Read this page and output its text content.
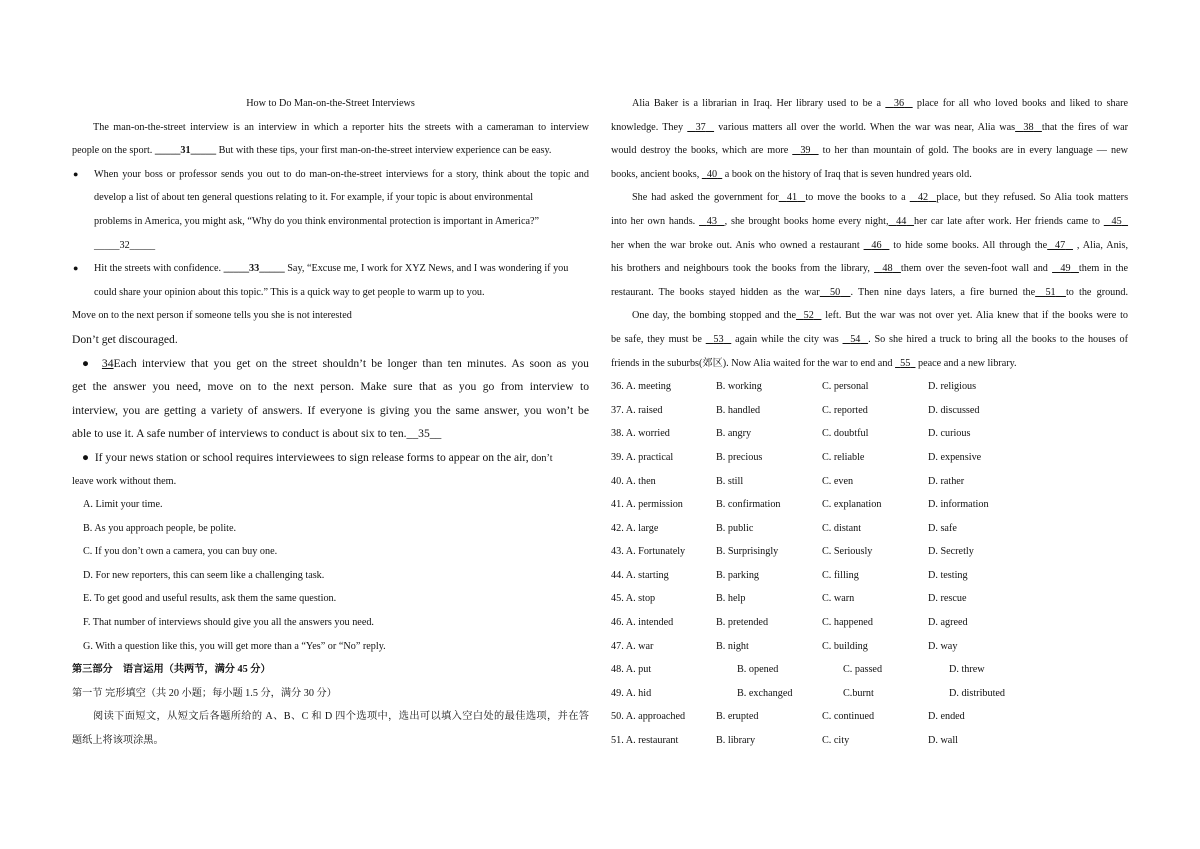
How to Do Man-on-the-Street Interviews
The man-on-the-street interview is an interview in which a reporter hits the streets with a cameraman to interview
people on the sport. _____31_____ But with these tips, your first man-on-the-street interview experience can be easy.
● When your boss or professor sends you out to do man-on-the-street interviews for a story, think about the topic and
develop a list of about ten general questions relating to it. For example, if your topic is about environmental
problems in America, you might ask, “Why do you think environmental protection is important in America?”
_____32_____
● Hit the streets with confidence. _____33_____ Say, “Excuse me, I work for XYZ News, and I was wondering if you
could share your opinion about this topic.” This is a quick way to get people to warm up to you.
Move on to the next person if someone tells you she is not interested
Don’t get discouraged.
●  34Each interview that you get on the street shouldn’t be longer than ten minutes. As soon as you
get the answer you need, move on to the next person. Make sure that as you go from interview to
interview, you are getting a variety of answers. If everyone is giving you the same answer, you won’t be
able to use it. A safe number of interviews to conduct is about six to ten.__35__
●  If your news station or school requires interviewees to sign release forms to appear on the air, don’t
leave work without them.
A. Limit your time.
B. As you approach people, be polite.
C. If you don’t own a camera, you can buy one.
D. For new reporters, this can seem like a challenging task.
E. To get good and useful results, ask them the same question.
F. That number of interviews should give you all the answers you need.
G. With a question like this, you will get more than a “Yes” or “No” reply.
第三部分　语言运用（共两节，满分 45 分）
第一节 完形填空（共 20 小题；每小题 1.5 分，满分 30 分）
阅读下面短文，从短文后各题所给的 A、B、C 和 D 四个选项中，选出可以填入空白处的最佳选项，并在答
题纸上将该项涂黑。
Alia Baker is a librarian in Iraq. Her library used to be a   36   place for all who loved books and liked to share
knowledge. They   37   various matters all over the world. When the war was near, Alia was 38 that the fires of war
would destroy the books, which are more   39   to her than mountain of gold. The books are in every language — new
books, ancient books,   40   a book on the history of Iraq that is seven hundred years old.
She had asked the government for 41 to move the books to a   42 place, but they refused. So Alia took matters
into her own hands.   43 , she brought books home every night, 44 her car late after work. Her friends came to   45
her when the war broke out. Anis who owned a restaurant   46   to hide some books. All through the 47   , Alia, Anis,
his brothers and neighbours took the books from the library,   48 them over the seven-foot wall and   49 them in the
restaurant. The books stayed hidden as the war 50 . Then nine days laters, a fire burned the 51 to the ground.
One day, the bombing stopped and the 52   left. But the war was not over yet. Alia knew that if the books were to
be safe, they must be   53   again while the city was   54 . So she hired a truck to bring all the books to the houses of
friends in the suburbs(郊区). Now Alia waited for the war to end and   55   peace and a new library.
36. A. meeting	B. working	C. personal	D. religious
37. A. raised	B. handled	C. reported	D. discussed
38. A. worried	B. angry	C. doubtful	D. curious
39. A. practical	B. precious	C. reliable	D. expensive
40. A. then	B. still	C. even	D. rather
41. A. permission	B. confirmation	C. explanation	D. information
42. A. large	B. public	C. distant	D. safe
43. A. Fortunately	B. Surprisingly	C. Seriously	D. Secretly
44. A. starting	B. parking	C. filling	D. testing
45. A. stop	B. help	C. warn	D. rescue
46. A. intended	B. pretended	C. happened	D. agreed
47. A. war	B. night	C. building	D. way
48. A. put	B. opened	C. passed	D. threw
49. A. hid	B. exchanged	C.burnt	D. distributed
50. A. approached	B. erupted	C. continued	D. ended
51. A. restaurant	B. library	C. city	D. wall
